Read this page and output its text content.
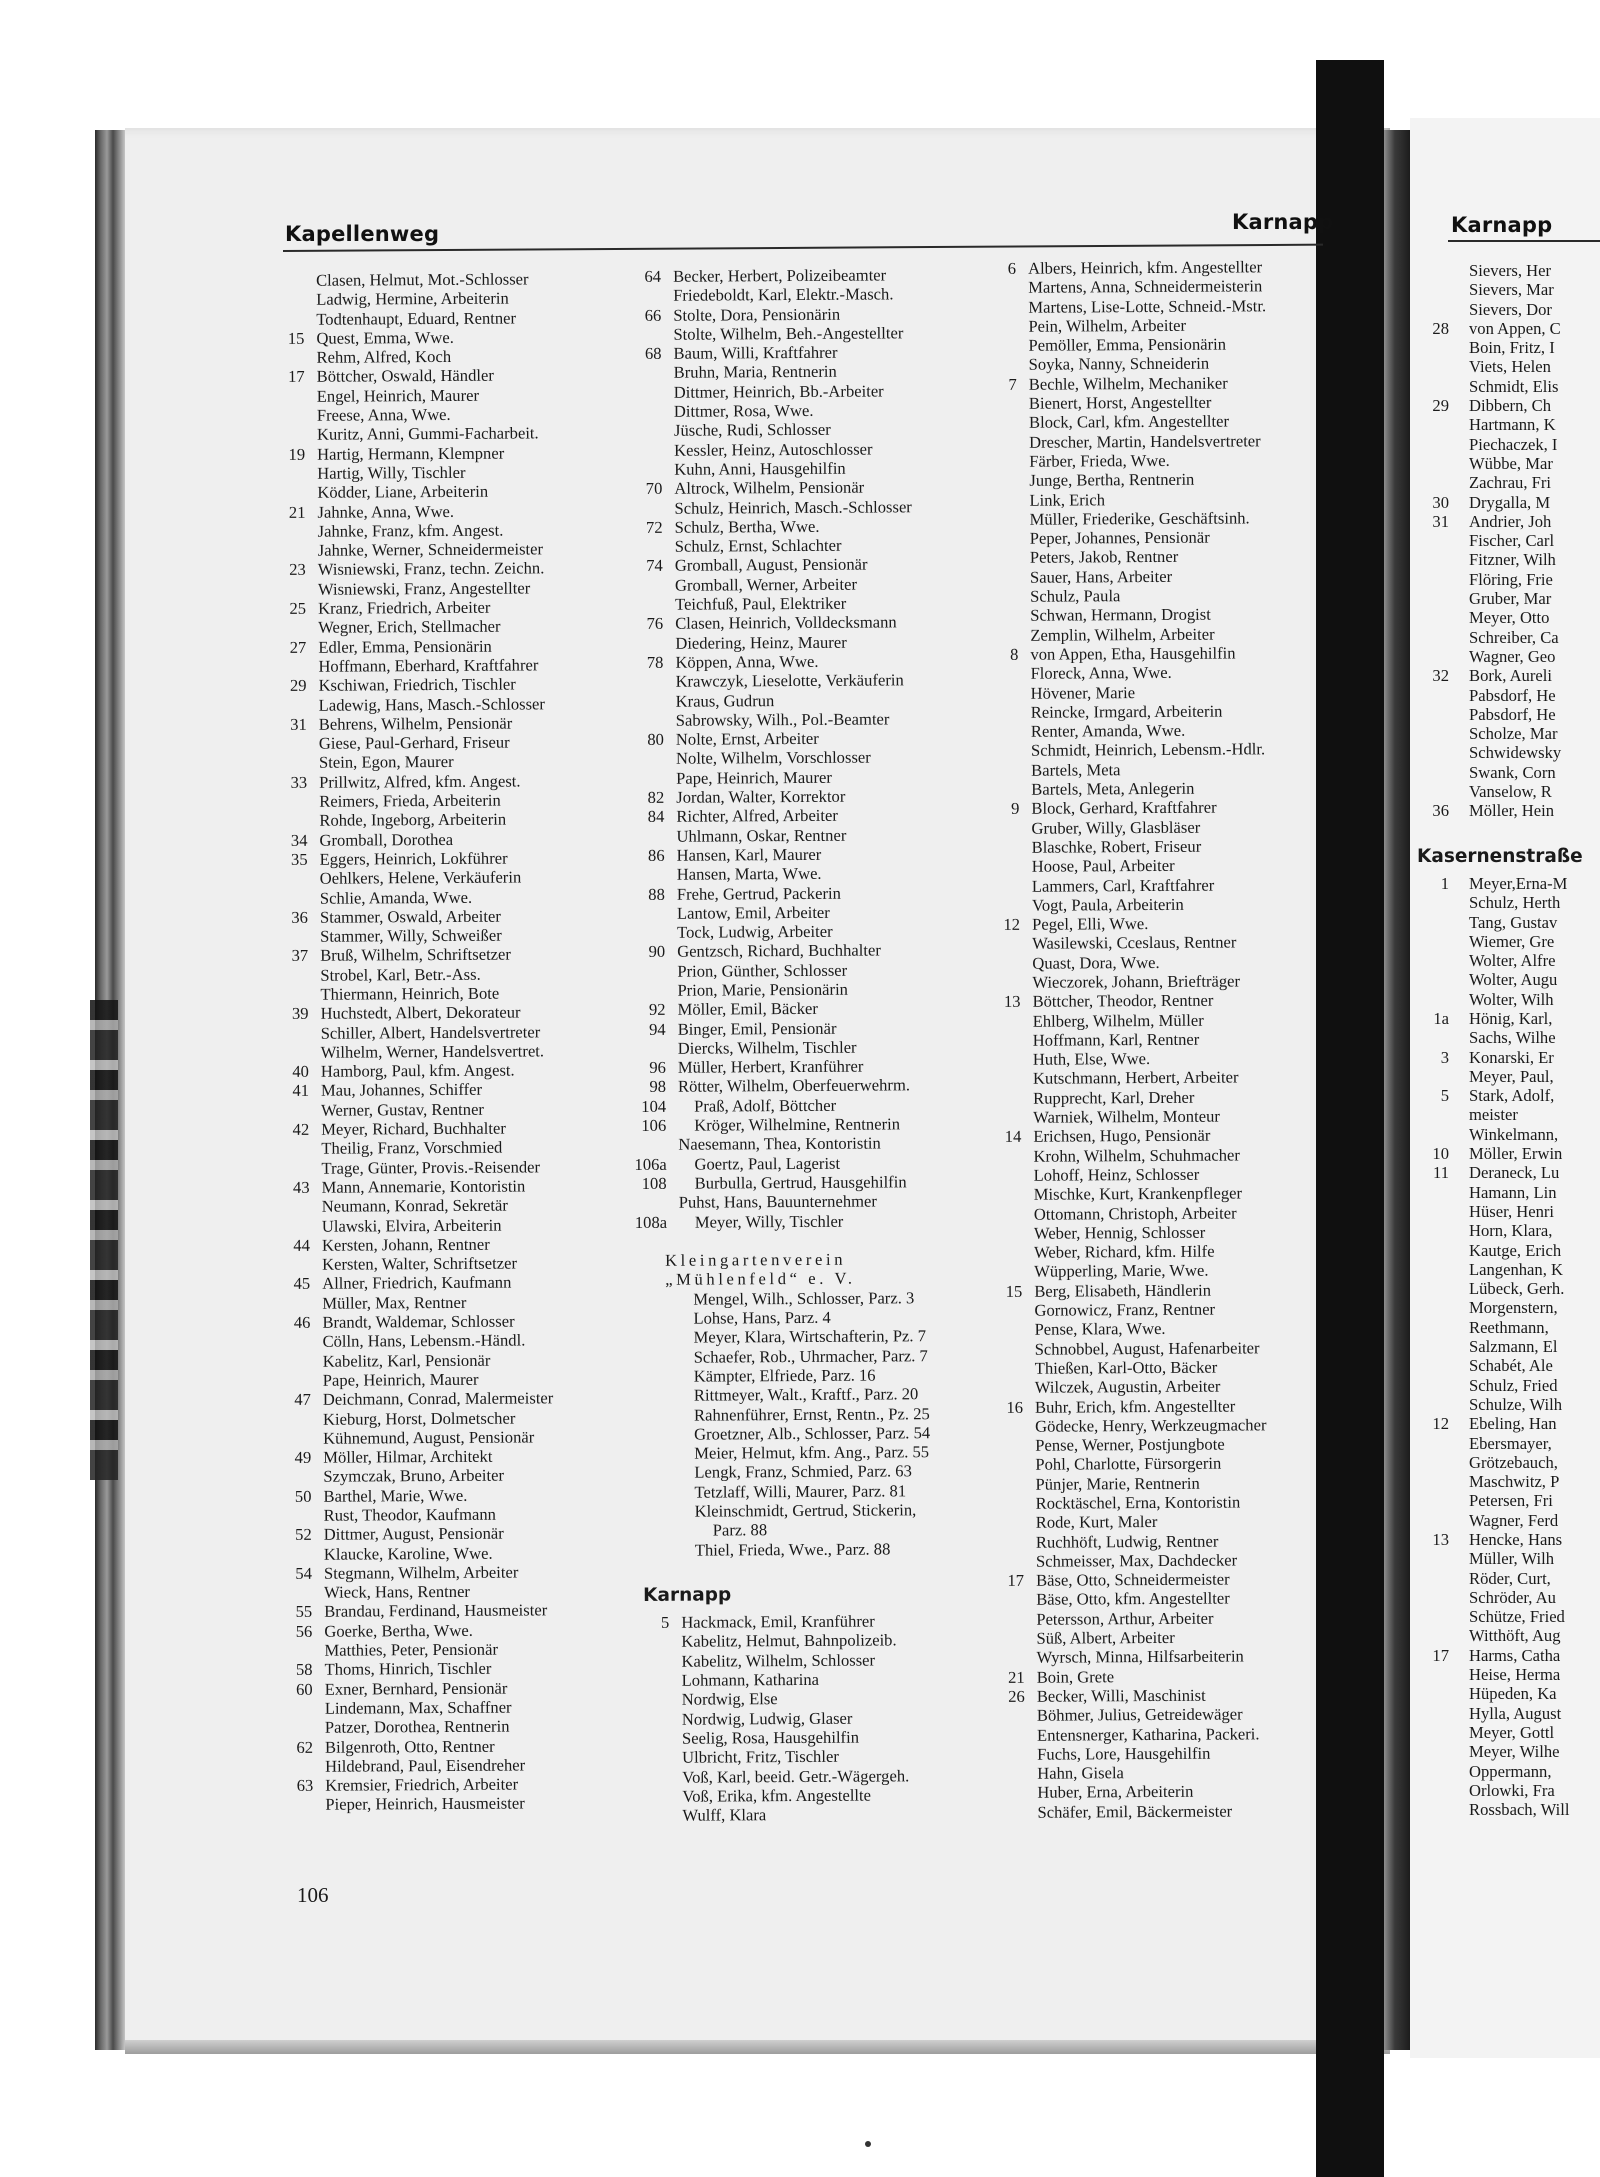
Kapellenweg	Karnapp
Clasen, Helmut, Mot.-Schlosser
Ladwig, Hermine, Arbeiterin
Todtenhaupt, Eduard, Rentner
15 Quest, Emma, Wwe.
Rehm, Alfred, Koch
17 Böttcher, Oswald, Händler
Engel, Heinrich, Maurer
Freese, Anna, Wwe.
Kuritz, Anni, Gummi-Facharbeit.
19 Hartig, Hermann, Klempner
Hartig, Willy, Tischler
Ködder, Liane, Arbeiterin
21 Jahnke, Anna, Wwe.
Jahnke, Franz, kfm. Angest.
Jahnke, Werner, Schneidermeister
23 Wisniewski, Franz, techn. Zeichn.
Wisniewski, Franz, Angestellter
25 Kranz, Friedrich, Arbeiter
Wegner, Erich, Stellmacher
27 Edler, Emma, Pensionärin
Hoffmann, Eberhard, Kraftfahrer
29 Kschiwan, Friedrich, Tischler
Ladewig, Hans, Masch.-Schlosser
31 Behrens, Wilhelm, Pensionär
Giese, Paul-Gerhard, Friseur
Stein, Egon, Maurer
33 Prillwitz, Alfred, kfm. Angest.
Reimers, Frieda, Arbeiterin
Rohde, Ingeborg, Arbeiterin
34 Gromball, Dorothea
35 Eggers, Heinrich, Lokführer
Oehlkers, Helene, Verkäuferin
Schlie, Amanda, Wwe.
36 Stammer, Oswald, Arbeiter
Stammer, Willy, Schweißer
37 Bruß, Wilhelm, Schriftsetzer
Strobel, Karl, Betr.-Ass.
Thiermann, Heinrich, Bote
39 Huchstedt, Albert, Dekorateur
Schiller, Albert, Handelsvertreter
Wilhelm, Werner, Handelsvertret.
40 Hamborg, Paul, kfm. Angest.
41 Mau, Johannes, Schiffer
Werner, Gustav, Rentner
42 Meyer, Richard, Buchhalter
Theilig, Franz, Vorschmied
Trage, Günter, Provis.-Reisender
43 Mann, Annemarie, Kontoristin
Neumann, Konrad, Sekretär
Ulawski, Elvira, Arbeiterin
44 Kersten, Johann, Rentner
Kersten, Walter, Schriftsetzer
45 Allner, Friedrich, Kaufmann
Müller, Max, Rentner
46 Brandt, Waldemar, Schlosser
Cölln, Hans, Lebensm.-Händl.
Kabelitz, Karl, Pensionär
Pape, Heinrich, Maurer
47 Deichmann, Conrad, Malermeister
Kieburg, Horst, Dolmetscher
Kühnemund, August, Pensionär
49 Möller, Hilmar, Architekt
Szymczak, Bruno, Arbeiter
50 Barthel, Marie, Wwe.
Rust, Theodor, Kaufmann
52 Dittmer, August, Pensionär
Klaucke, Karoline, Wwe.
54 Stegmann, Wilhelm, Arbeiter
Wieck, Hans, Rentner
55 Brandau, Ferdinand, Hausmeister
56 Goerke, Bertha, Wwe.
Matthies, Peter, Pensionär
58 Thoms, Hinrich, Tischler
60 Exner, Bernhard, Pensionär
Lindemann, Max, Schaffner
Patzer, Dorothea, Rentnerin
62 Bilgenroth, Otto, Rentner
Hildebrand, Paul, Eisendreher
63 Kremsier, Friedrich, Arbeiter
Pieper, Heinrich, Hausmeister
64 Becker, Herbert, Polizeibeamter
Friedeboldt, Karl, Elektr.-Masch.
66 Stolte, Dora, Pensionärin
Stolte, Wilhelm, Beh.-Angestellter
68 Baum, Willi, Kraftfahrer
Bruhn, Maria, Rentnerin
Dittmer, Heinrich, Bb.-Arbeiter
Dittmer, Rosa, Wwe.
Jüsche, Rudi, Schlosser
Kessler, Heinz, Autoschlosser
Kuhn, Anni, Hausgehilfin
70 Altrock, Wilhelm, Pensionär
Schulz, Heinrich, Masch.-Schlosser
72 Schulz, Bertha, Wwe.
Schulz, Ernst, Schlachter
74 Gromball, August, Pensionär
Gromball, Werner, Arbeiter
Teichfuß, Paul, Elektriker
76 Clasen, Heinrich, Volldecksmann
Diedering, Heinz, Maurer
78 Köppen, Anna, Wwe.
Krawczyk, Lieselotte, Verkäuferin
Kraus, Gudrun
Sabrowsky, Wilh., Pol.-Beamter
80 Nolte, Ernst, Arbeiter
Nolte, Wilhelm, Vorschlosser
Pape, Heinrich, Maurer
82 Jordan, Walter, Korrektor
84 Richter, Alfred, Arbeiter
Uhlmann, Oskar, Rentner
86 Hansen, Karl, Maurer
Hansen, Marta, Wwe.
88 Frehe, Gertrud, Packerin
Lantow, Emil, Arbeiter
Tock, Ludwig, Arbeiter
90 Gentzsch, Richard, Buchhalter
Prion, Günther, Schlosser
Prion, Marie, Pensionärin
92 Möller, Emil, Bäcker
94 Binger, Emil, Pensionär
Diercks, Wilhelm, Tischler
96 Müller, Herbert, Kranführer
98 Rötter, Wilhelm, Oberfeuerwehrm.
104 Praß, Adolf, Böttcher
106 Kröger, Wilhelmine, Rentnerin
Naesemann, Thea, Kontoristin
106a Goertz, Paul, Lagerist
108 Burbulla, Gertrud, Hausgehilfin
Puhst, Hans, Bauunternehmer
108a Meyer, Willy, Tischler
Kleingartenverein
„Mühlenfeld“ e. V.
Mengel, Wilh., Schlosser, Parz. 3
Lohse, Hans, Parz. 4
Meyer, Klara, Wirtschafterin, Pz. 7
Schaefer, Rob., Uhrmacher, Parz. 7
Kämpter, Elfriede, Parz. 16
Rittmeyer, Walt., Kraftf., Parz. 20
Rahnenführer, Ernst, Rentn., Pz. 25
Groetzner, Alb., Schlosser, Parz. 54
Meier, Helmut, kfm. Ang., Parz. 55
Lengk, Franz, Schmied, Parz. 63
Tetzlaff, Willi, Maurer, Parz. 81
Kleinschmidt, Gertrud, Stickerin,
Parz. 88
Thiel, Frieda, Wwe., Parz. 88
Karnapp
5 Hackmack, Emil, Kranführer
Kabelitz, Helmut, Bahnpolizeib.
Kabelitz, Wilhelm, Schlosser
Lohmann, Katharina
Nordwig, Else
Nordwig, Ludwig, Glaser
Seelig, Rosa, Hausgehilfin
Ulbricht, Fritz, Tischler
Voß, Karl, beeid. Getr.-Wägergeh.
Voß, Erika, kfm. Angestellte
Wulff, Klara
6 Albers, Heinrich, kfm. Angestellter
Martens, Anna, Schneidermeisterin
Martens, Lise-Lotte, Schneid.-Mstr.
Pein, Wilhelm, Arbeiter
Pemöller, Emma, Pensionärin
Soyka, Nanny, Schneiderin
7 Bechle, Wilhelm, Mechaniker
Bienert, Horst, Angestellter
Block, Carl, kfm. Angestellter
Drescher, Martin, Handelsvertreter
Färber, Frieda, Wwe.
Junge, Bertha, Rentnerin
Link, Erich
Müller, Friederike, Geschäftsinh.
Peper, Johannes, Pensionär
Peters, Jakob, Rentner
Sauer, Hans, Arbeiter
Schulz, Paula
Schwan, Hermann, Drogist
Zemplin, Wilhelm, Arbeiter
8 von Appen, Etha, Hausgehilfin
Floreck, Anna, Wwe.
Hövener, Marie
Reincke, Irmgard, Arbeiterin
Renter, Amanda, Wwe.
Schmidt, Heinrich, Lebensm.-Hdlr.
Bartels, Meta
Bartels, Meta, Anlegerin
9 Block, Gerhard, Kraftfahrer
Gruber, Willy, Glasbläser
Blaschke, Robert, Friseur
Hoose, Paul, Arbeiter
Lammers, Carl, Kraftfahrer
Vogt, Paula, Arbeiterin
12 Pegel, Elli, Wwe.
Wasilewski, Cceslaus, Rentner
Quast, Dora, Wwe.
Wieczorek, Johann, Briefträger
13 Böttcher, Theodor, Rentner
Ehlberg, Wilhelm, Müller
Hoffmann, Karl, Rentner
Huth, Else, Wwe.
Kutschmann, Herbert, Arbeiter
Rupprecht, Karl, Dreher
Warniek, Wilhelm, Monteur
14 Erichsen, Hugo, Pensionär
Krohn, Wilhelm, Schuhmacher
Lohoff, Heinz, Schlosser
Mischke, Kurt, Krankenpfleger
Ottomann, Christoph, Arbeiter
Weber, Hennig, Schlosser
Weber, Richard, kfm. Hilfe
Wüpperling, Marie, Wwe.
15 Berg, Elisabeth, Händlerin
Gornowicz, Franz, Rentner
Pense, Klara, Wwe.
Schnobbel, August, Hafenarbeiter
Thießen, Karl-Otto, Bäcker
Wilczek, Augustin, Arbeiter
16 Buhr, Erich, kfm. Angestellter
Gödecke, Henry, Werkzeugmacher
Pense, Werner, Postjungbote
Pohl, Charlotte, Fürsorgerin
Pünjer, Marie, Rentnerin
Rocktäschel, Erna, Kontoristin
Rode, Kurt, Maler
Ruchhöft, Ludwig, Rentner
Schmeisser, Max, Dachdecker
17 Bäse, Otto, Schneidermeister
Bäse, Otto, kfm. Angestellter
Petersson, Arthur, Arbeiter
Süß, Albert, Arbeiter
Wyrsch, Minna, Hilfsarbeiterin
21 Boin, Grete
26 Becker, Willi, Maschinist
Böhmer, Julius, Getreidewäger
Entensnerger, Katharina, Packeri.
Fuchs, Lore, Hausgehilfin
Hahn, Gisela
Huber, Erna, Arbeiterin
Schäfer, Emil, Bäckermeister
Sievers, Her
Sievers, Mar
Sievers, Dor
28 von Appen, C
Boin, Fritz, I
Viets, Helen
Schmidt, Elis
29 Dibbern, Ch
Hartmann, K
Piechaczek, I
Wübbe, Mar
Zachrau, Fri
30 Drygalla, M
31 Andrier, Joh
Fischer, Carl
Fitzner, Wilh
Flöring, Frie
Gruber, Mar
Meyer, Otto
Schreiber, Ca
Wagner, Geo
32 Bork, Aureli
Pabsdorf, He
Pabsdorf, He
Scholze, Mar
Schwidewsky
Swank, Corn
Vanselow, R
36 Möller, Hein
Kasernenstraße
1 Meyer,Erna-M
Schulz, Herth
Tang, Gustav
Wiemer, Gre
Wolter, Alfre
Wolter, Augu
Wolter, Wilh
1a Hönig, Karl,
Sachs, Wilhe
3 Konarski, Er
Meyer, Paul,
5 Stark, Adolf,
meister
Winkelmann,
10 Möller, Erwin
11 Deraneck, Lu
Hamann, Lin
Hüser, Henri
Horn, Klara,
Kautge, Erich
Langenhan, K
Lübeck, Gerh.
Morgenstern,
Reethmann,
Salzmann, El
Schabét, Ale
Schulz, Fried
Schulze, Wilh
12 Ebeling, Han
Ebersmayer,
Grötzebauch,
Maschwitz, P
Petersen, Fri
Wagner, Ferd
13 Hencke, Hans
Müller, Wilh
Röder, Curt,
Schröder, Au
Schütze, Fried
Witthöft, Aug
17 Harms, Catha
Heise, Herma
Hüpeden, Ka
Hylla, August
Meyer, Gottl
Meyer, Wilhe
Oppermann,
Orlowki, Fra
Rossbach, Will
Karnapp
106
